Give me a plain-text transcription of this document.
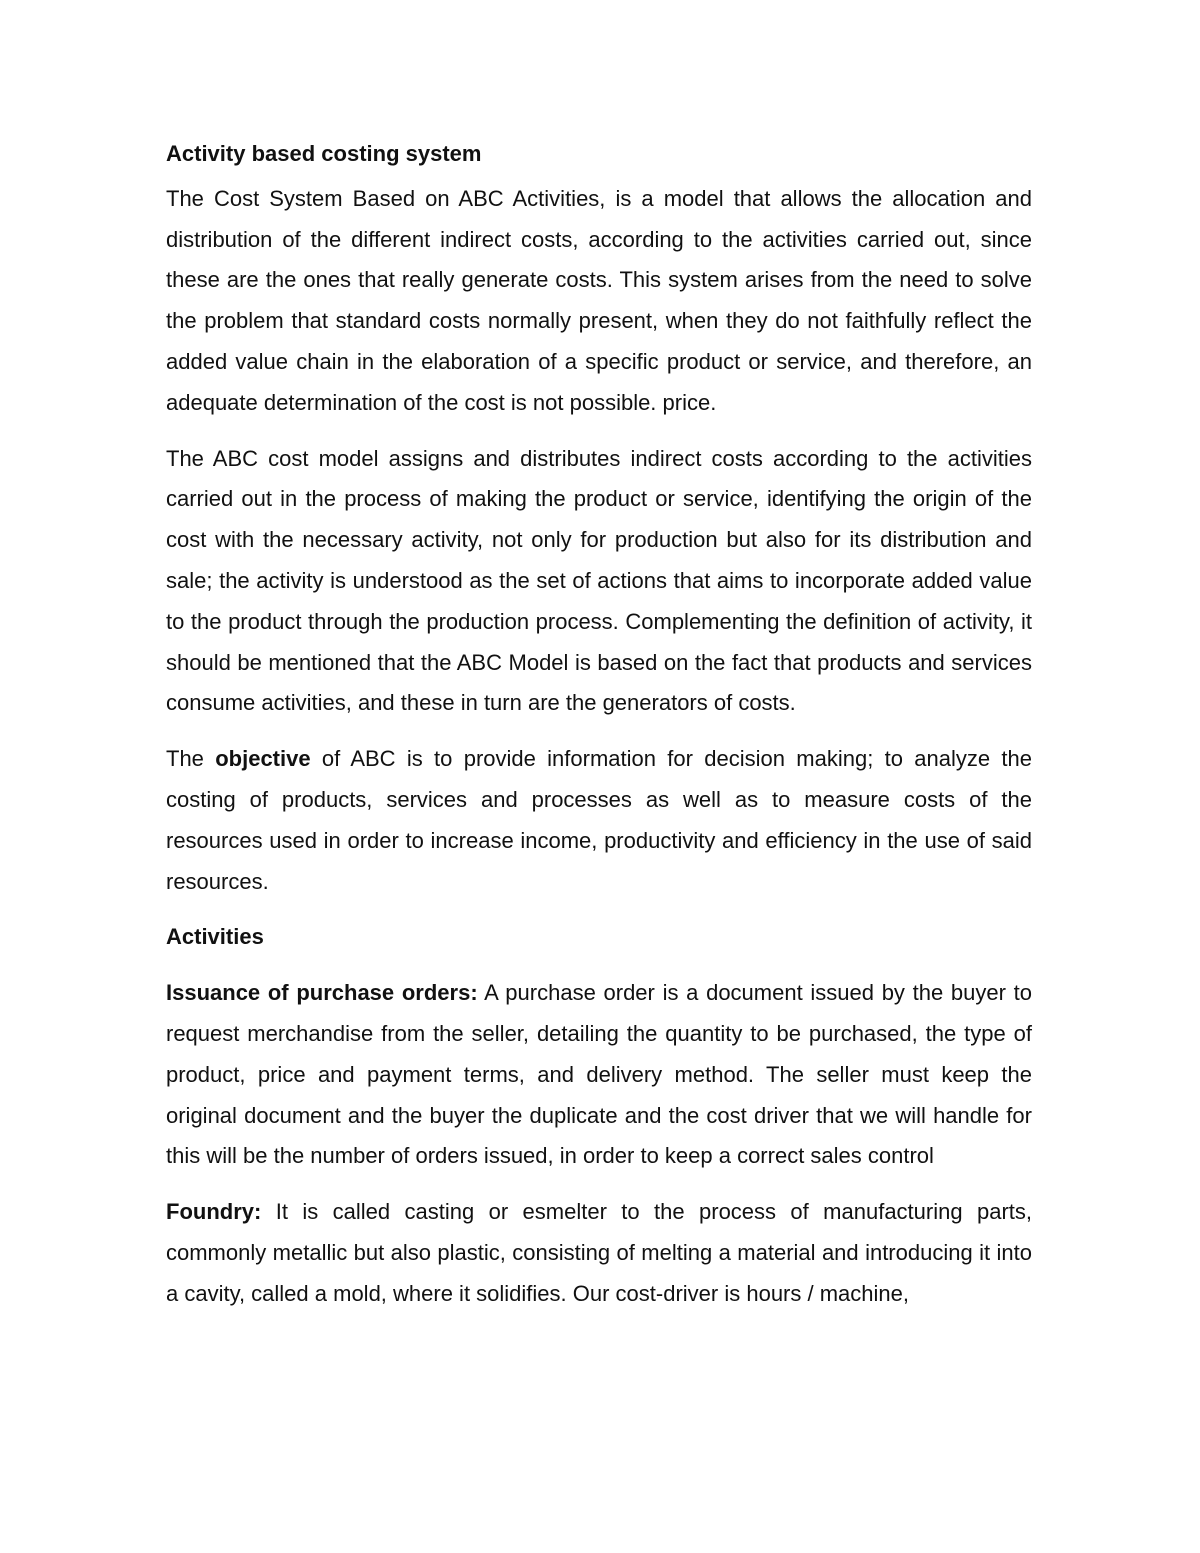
Activity based costing system

The Cost System Based on ABC Activities, is a model that allows the allocation and distribution of the different indirect costs, according to the activities carried out, since these are the ones that really generate costs. This system arises from the need to solve the problem that standard costs normally present, when they do not faithfully reflect the added value chain in the elaboration of a specific product or service, and therefore, an adequate determination of the cost is not possible. price.

The ABC cost model assigns and distributes indirect costs according to the activities carried out in the process of making the product or service, identifying the origin of the cost with the necessary activity, not only for production but also for its distribution and sale; the activity is understood as the set of actions that aims to incorporate added value to the product through the production process. Complementing the definition of activity, it should be mentioned that the ABC Model is based on the fact that products and services consume activities, and these in turn are the generators of costs.

The objective of ABC is to provide information for decision making; to analyze the costing of products, services and processes as well as to measure costs of the resources used in order to increase income, productivity and efficiency in the use of said resources.

Activities

Issuance of purchase orders: A purchase order is a document issued by the buyer to request merchandise from the seller, detailing the quantity to be purchased, the type of product, price and payment terms, and delivery method. The seller must keep the original document and the buyer the duplicate and the cost driver that we will handle for this will be the number of orders issued, in order to keep a correct sales control

Foundry: It is called casting or esmelter to the process of manufacturing parts, commonly metallic but also plastic, consisting of melting a material and introducing it into a cavity, called a mold, where it solidifies. Our cost-driver is hours / machine,
